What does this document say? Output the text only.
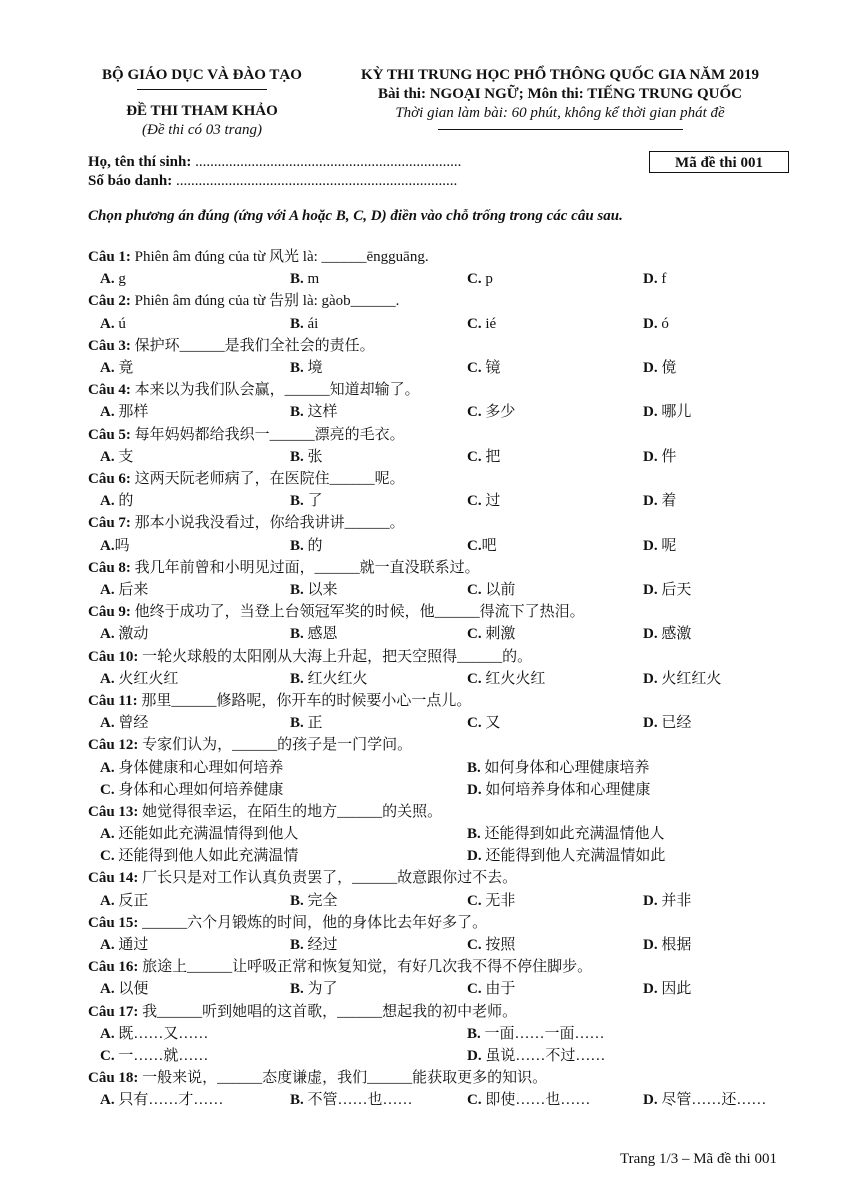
BỘ GIÁO DỤC VÀ ĐÀO TẠO
ĐỀ THI THAM KHẢO
(Đề thi có 03 trang)
KỲ THI TRUNG HỌC PHỔ THÔNG QUỐC GIA NĂM 2019
Bài thi: NGOẠI NGỮ; Môn thi: TIẾNG TRUNG QUỐC
Thời gian làm bài: 60 phút, không kể thời gian phát đề
Họ, tên thí sinh: .......................................................................
Số báo danh: ...........................................................................
Mã đề thi 001
Chọn phương án đúng (ứng với A hoặc B, C, D) điền vào chỗ trống trong các câu sau.
Câu 1: Phiên âm đúng của từ 风光 là: ______ēngguāng.
A. g	B. m	C. p	D. f
Câu 2: Phiên âm đúng của từ 告别 là: gàob______.
A. ú	B. ái	C. ié	D. ó
Câu 3: 保护环______是我们全社会的责任。
A. 竟	B. 境	C. 镜	D. 傹
Câu 4: 本来以为我们队会赢，______知道却输了。
A. 那样	B. 这样	C. 多少	D. 哪儿
Câu 5: 每年妈妈都给我织一______漂亮的毛衣。
A. 支	B. 张	C. 把	D. 件
Câu 6: 这两天阮老师病了，在医院住______呢。
A. 的	B. 了	C. 过	D. 着
Câu 7: 那本小说我没看过，你给我讲讲______。
A.吗	B. 的	C.吧	D. 呢
Câu 8: 我几年前曾和小明见过面，______就一直没联系过。
A. 后来	B. 以来	C. 以前	D. 后天
Câu 9: 他终于成功了，当登上台领冠军奖的时候，他______得流下了热泪。
A. 激动	B. 感恩	C. 刺激	D. 感激
Câu 10: 一轮火球般的太阳刚从大海上升起，把天空照得______的。
A. 火红火红	B. 红火红火	C. 红火火红	D. 火红红火
Câu 11: 那里______修路呢，你开车的时候要小心一点儿。
A. 曾经	B. 正	C. 又	D. 已经
Câu 12: 专家们认为，______的孩子是一门学问。
A. 身体健康和心理如何培养	B. 如何身体和心理健康培养
C. 身体和心理如何培养健康	D. 如何培养身体和心理健康
Câu 13: 她觉得很幸运，在陌生的地方______的关照。
A. 还能如此充满温情得到他人	B. 还能得到如此充满温情他人
C. 还能得到他人如此充满温情	D. 还能得到他人充满温情如此
Câu 14: 厂长只是对工作认真负责罢了，______故意跟你过不去。
A. 反正	B. 完全	C. 无非	D. 并非
Câu 15: ______六个月锻炼的时间，他的身体比去年好多了。
A. 通过	B. 经过	C. 按照	D. 根据
Câu 16: 旅途上______让呼吸正常和恢复知觉，有好几次我不得不停住脚步。
A. 以便	B. 为了	C. 由于	D. 因此
Câu 17: 我______听到她唱的这首歌，______想起我的初中老师。
A. 既……又……	B. 一面……一面……
C. 一……就……	D. 虽说……不过……
Câu 18: 一般来说，______态度谦虚，我们______能获取更多的知识。
A. 只有……才……	B. 不管……也……	C. 即使……也……	D. 尽管……还……
Trang 1/3 – Mã đề thi 001
